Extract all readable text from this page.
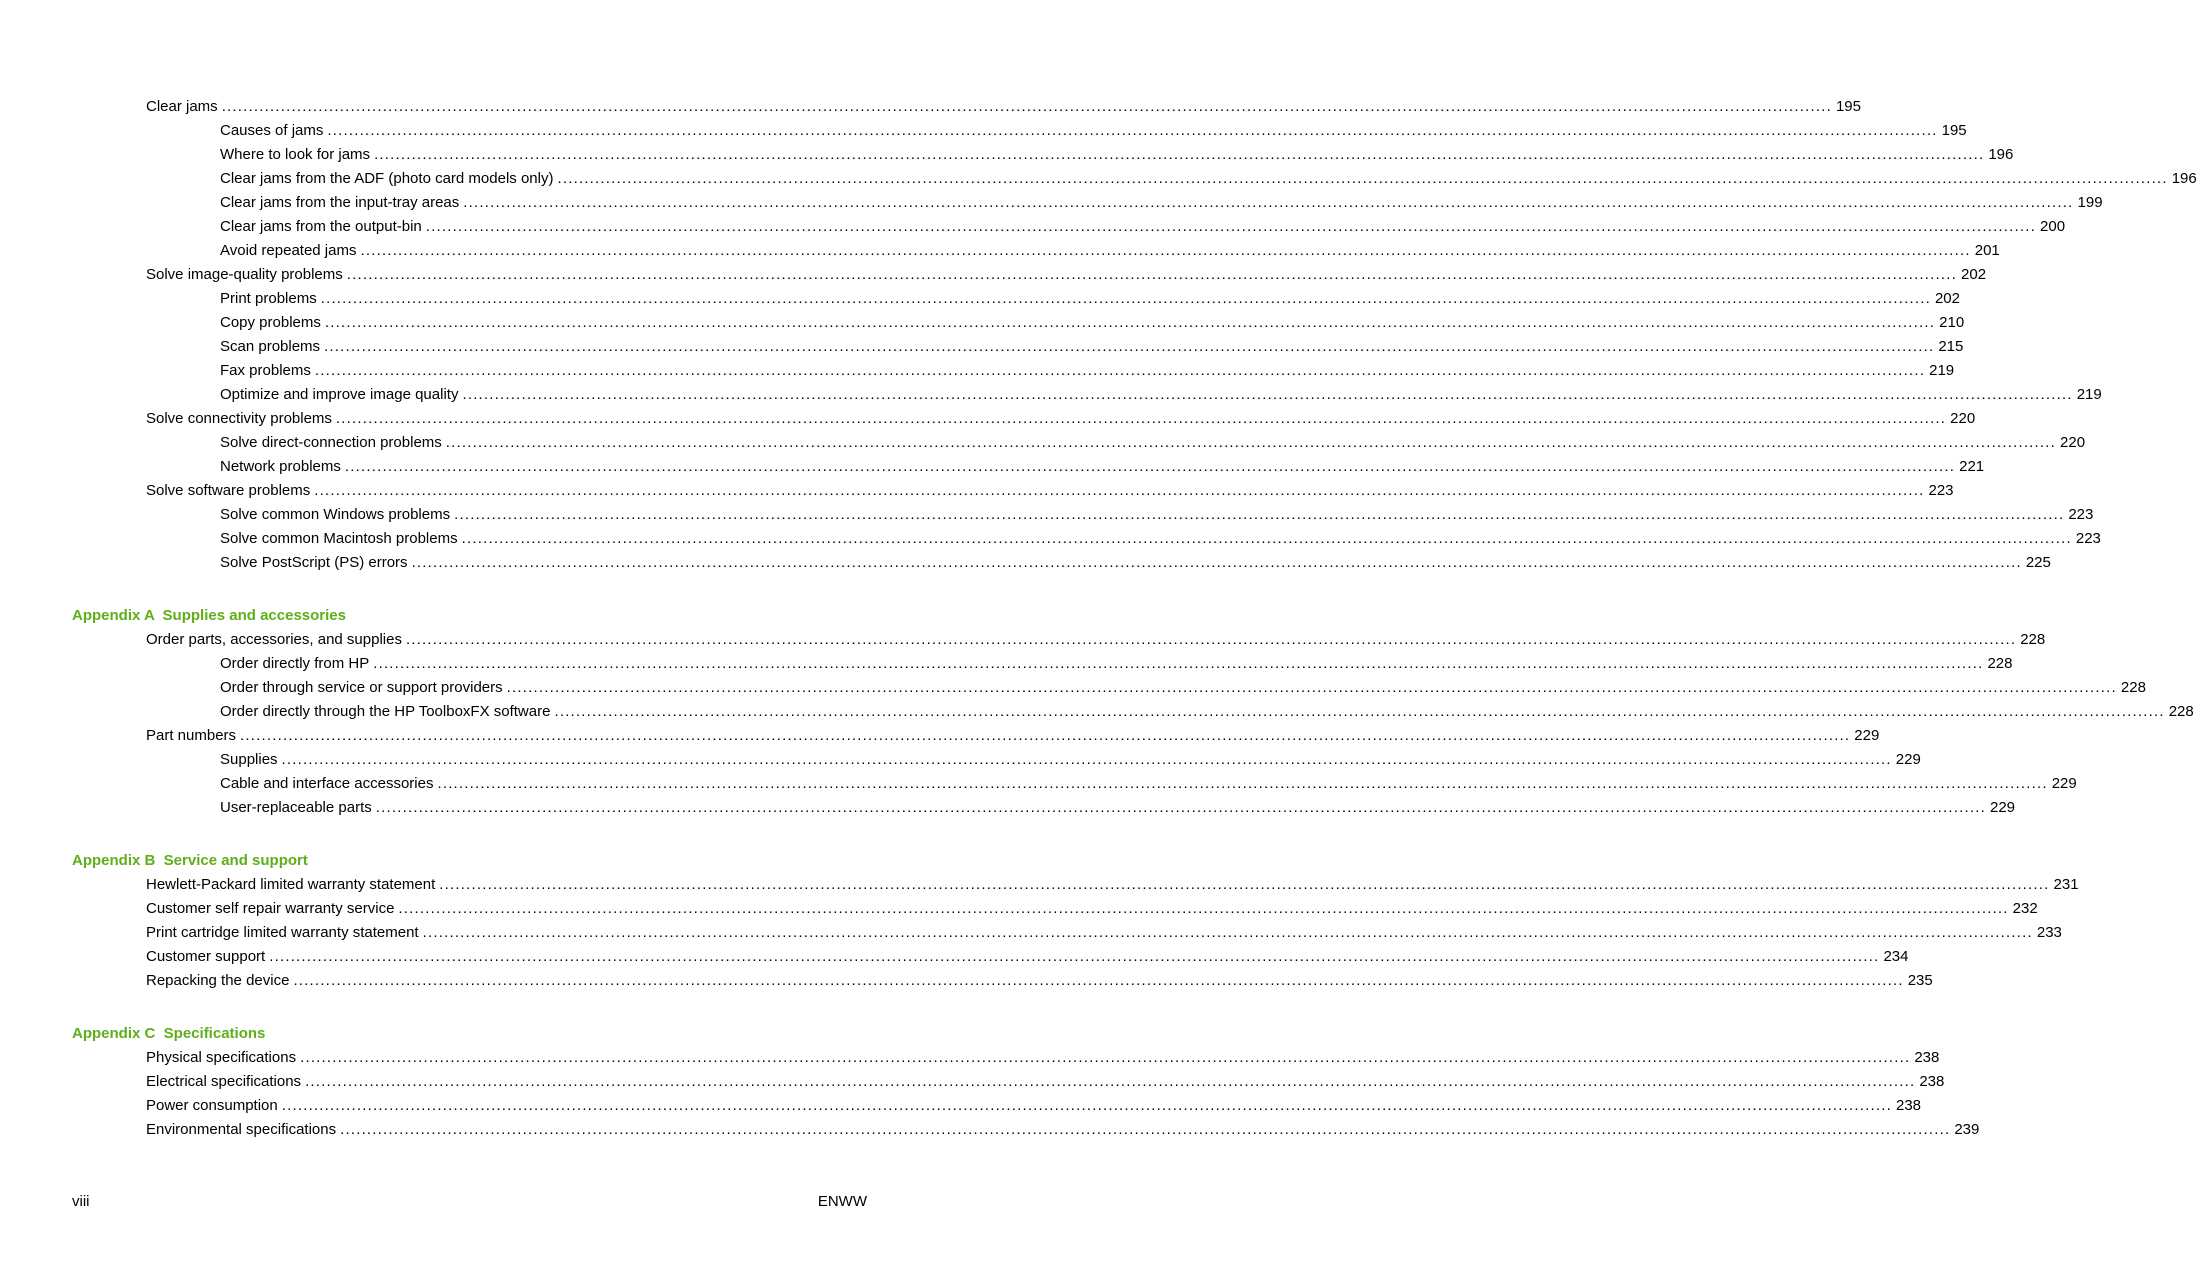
Clear jams ............................................................................................................................................................................................................................................................................................................ 195
Causes of jams ............................................................................................................................................................................................................................................................................................................ 195
Where to look for jams ............................................................................................................................................................................................................................................................................................................ 196
Clear jams from the ADF (photo card models only) ............................................................................................................................................................................................................................................................................................................ 196
Clear jams from the input-tray areas ............................................................................................................................................................................................................................................................................................................ 199
Clear jams from the output-bin ............................................................................................................................................................................................................................................................................................................ 200
Avoid repeated jams ............................................................................................................................................................................................................................................................................................................ 201
Solve image-quality problems ............................................................................................................................................................................................................................................................................................................ 202
Print problems ............................................................................................................................................................................................................................................................................................................ 202
Copy problems ............................................................................................................................................................................................................................................................................................................ 210
Scan problems ............................................................................................................................................................................................................................................................................................................ 215
Fax problems ............................................................................................................................................................................................................................................................................................................ 219
Optimize and improve image quality ............................................................................................................................................................................................................................................................................................................ 219
Solve connectivity problems ............................................................................................................................................................................................................................................................................................................ 220
Solve direct-connection problems ............................................................................................................................................................................................................................................................................................................ 220
Network problems ............................................................................................................................................................................................................................................................................................................ 221
Solve software problems ............................................................................................................................................................................................................................................................................................................ 223
Solve common Windows problems ............................................................................................................................................................................................................................................................................................................ 223
Solve common Macintosh problems ............................................................................................................................................................................................................................................................................................................ 223
Solve PostScript (PS) errors ............................................................................................................................................................................................................................................................................................................ 225
Appendix A  Supplies and accessories
Order parts, accessories, and supplies ............................................................................................................................................................................................................................................................................................................ 228
Order directly from HP ............................................................................................................................................................................................................................................................................................................ 228
Order through service or support providers ............................................................................................................................................................................................................................................................................................................ 228
Order directly through the HP ToolboxFX software ............................................................................................................................................................................................................................................................................................................ 228
Part numbers ............................................................................................................................................................................................................................................................................................................ 229
Supplies ............................................................................................................................................................................................................................................................................................................ 229
Cable and interface accessories ............................................................................................................................................................................................................................................................................................................ 229
User-replaceable parts ............................................................................................................................................................................................................................................................................................................ 229
Appendix B  Service and support
Hewlett-Packard limited warranty statement ............................................................................................................................................................................................................................................................................................................ 231
Customer self repair warranty service ............................................................................................................................................................................................................................................................................................................ 232
Print cartridge limited warranty statement ............................................................................................................................................................................................................................................................................................................ 233
Customer support ............................................................................................................................................................................................................................................................................................................ 234
Repacking the device ............................................................................................................................................................................................................................................................................................................ 235
Appendix C  Specifications
Physical specifications ............................................................................................................................................................................................................................................................................................................ 238
Electrical specifications ............................................................................................................................................................................................................................................................................................................ 238
Power consumption ............................................................................................................................................................................................................................................................................................................ 238
Environmental specifications ............................................................................................................................................................................................................................................................................................................ 239
viii	ENWW
